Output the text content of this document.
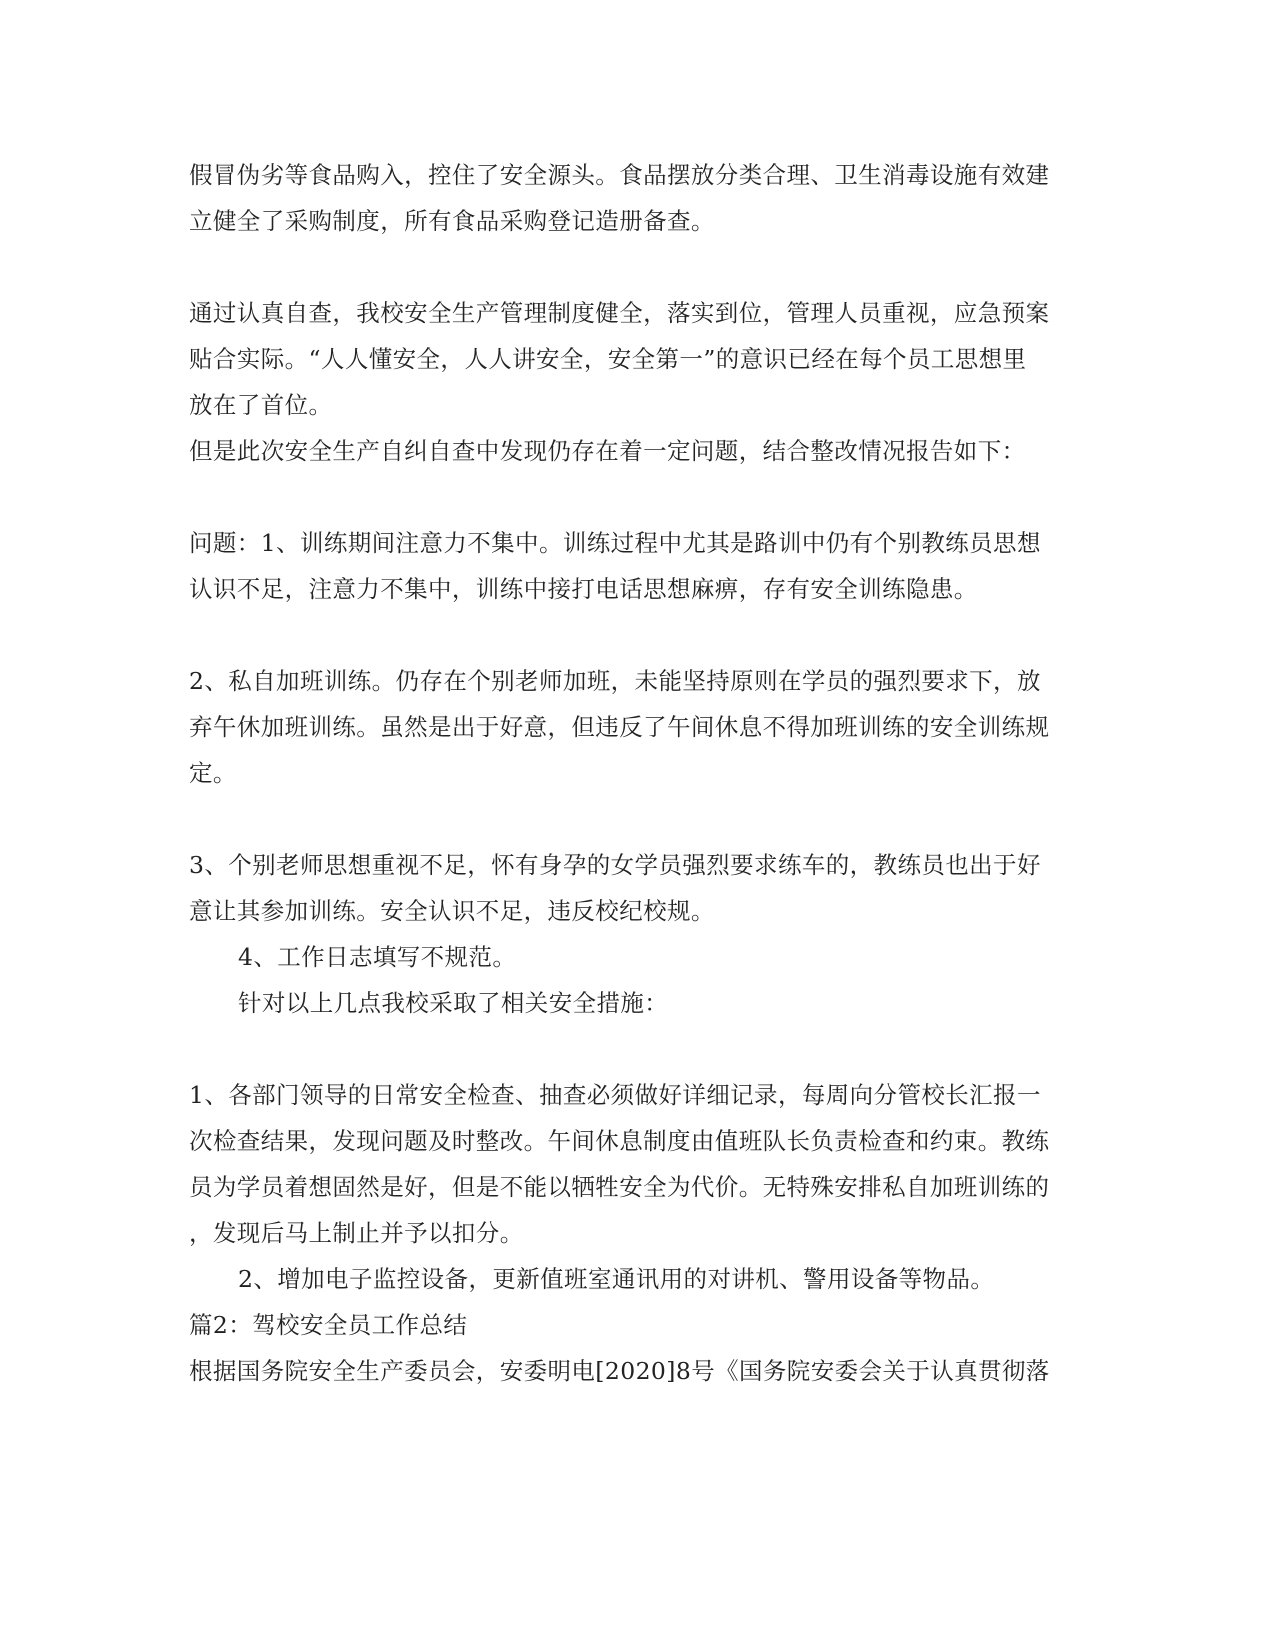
假冒伪劣等食品购入，控住了安全源头。食品摆放分类合理、卫生消毒设施有效建
立健全了采购制度，所有食品采购登记造册备查。
通过认真自查，我校安全生产管理制度健全，落实到位，管理人员重视，应急预案
贴合实际。“人人懂安全，人人讲安全，安全第一”的意识已经在每个员工思想里
放在了首位。
但是此次安全生产自纠自查中发现仍存在着一定问题，结合整改情况报告如下：
问题：1、训练期间注意力不集中。训练过程中尤其是路训中仍有个别教练员思想
认识不足，注意力不集中，训练中接打电话思想麻痹，存有安全训练隐患。
2、私自加班训练。仍存在个别老师加班，未能坚持原则在学员的强烈要求下，放
弃午休加班训练。虽然是出于好意，但违反了午间休息不得加班训练的安全训练规
定。
3、个别老师思想重视不足，怀有身孕的女学员强烈要求练车的，教练员也出于好
意让其参加训练。安全认识不足，违反校纪校规。
4、工作日志填写不规范。
针对以上几点我校采取了相关安全措施：
1、各部门领导的日常安全检查、抽查必须做好详细记录，每周向分管校长汇报一
次检查结果，发现问题及时整改。午间休息制度由值班队长负责检查和约束。教练
员为学员着想固然是好，但是不能以牺牲安全为代价。无特殊安排私自加班训练的
，发现后马上制止并予以扣分。
2、增加电子监控设备，更新值班室通讯用的对讲机、警用设备等物品。
篇2：驾校安全员工作总结
根据国务院安全生产委员会，安委明电[2020]8号《国务院安委会关于认真贯彻落
